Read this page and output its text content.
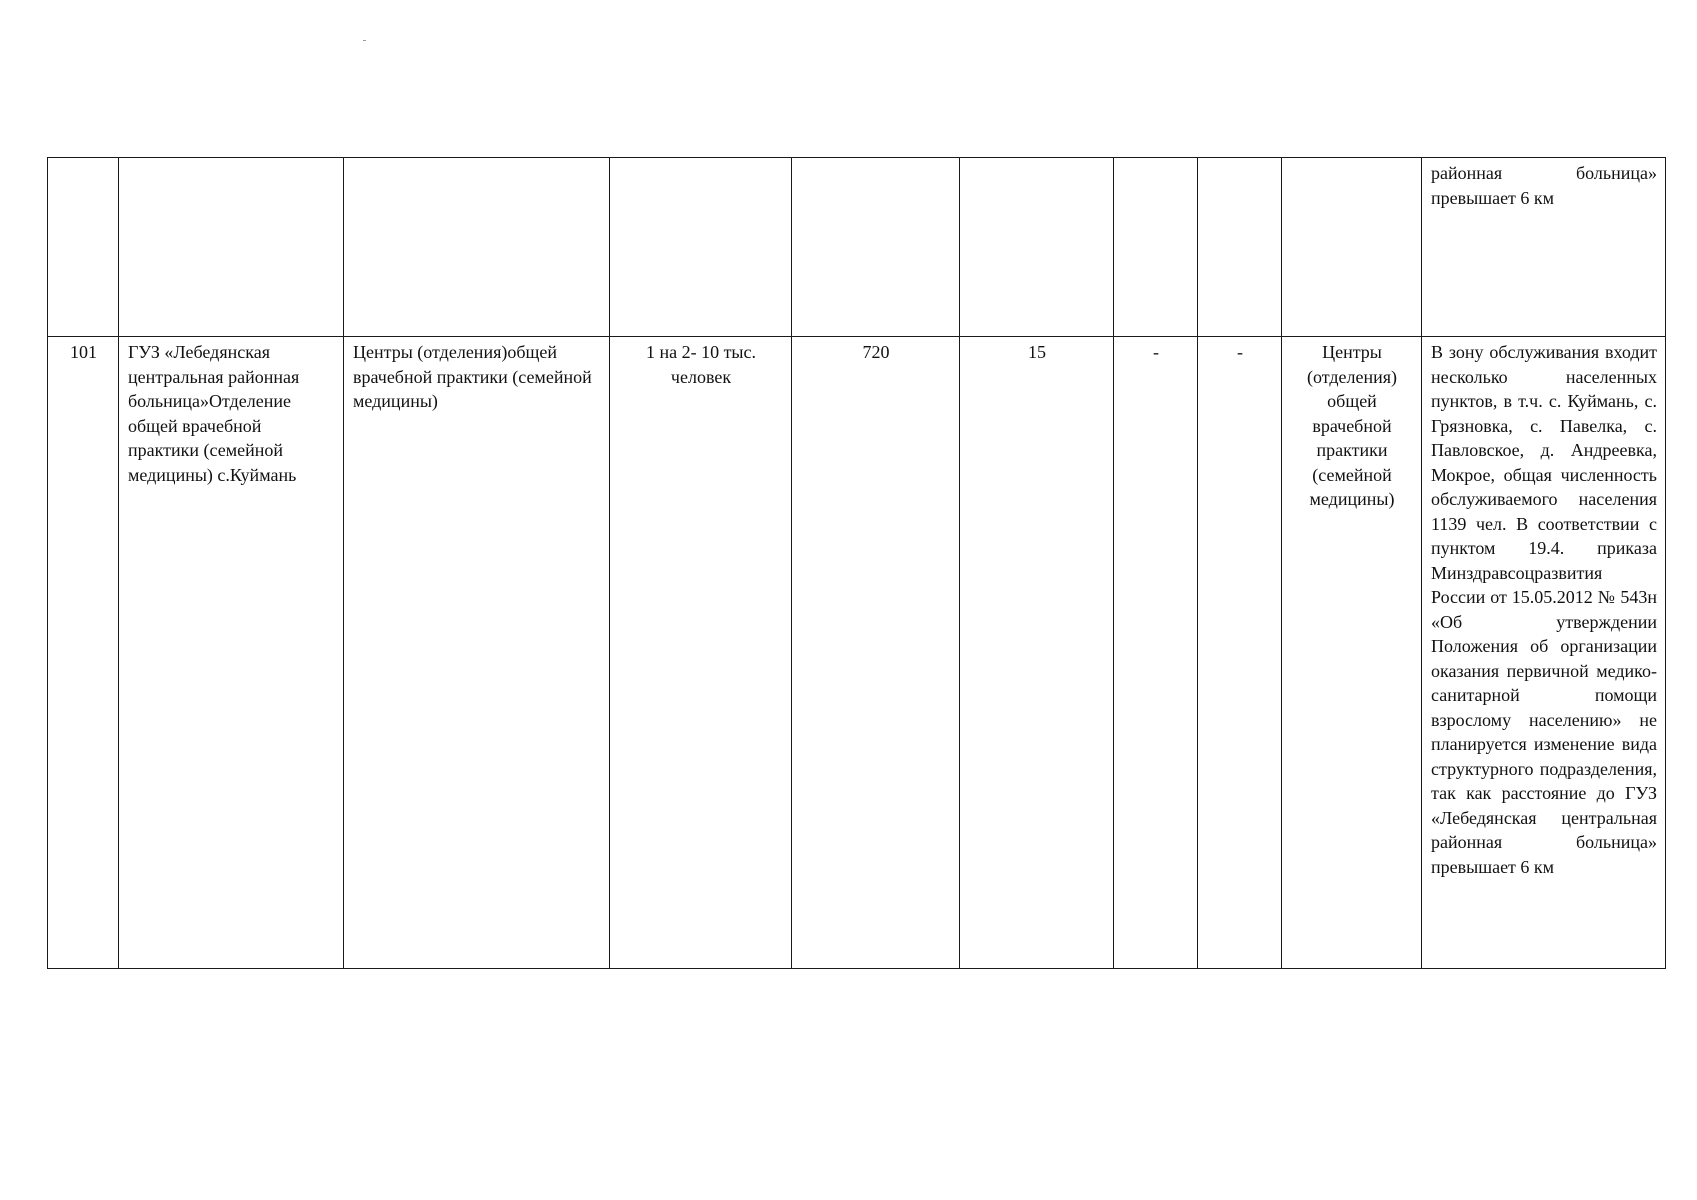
									районная больница» превышает 6 км
101	ГУЗ «Лебедянская центральная районная больница»Отделение общей врачебной практики (семейной медицины) с.Куймань	Центры (отделения)общей врачебной практики (семейной медицины)	1 на 2- 10 тыс. человек	720	15	-	-	Центры (отделения) общей врачебной практики (семейной медицины)	В зону обслуживания входит несколько населенных пунктов, в т.ч. с. Куймань, с. Грязновка, с. Павелка, с. Павловское, д. Андреевка, Мокрое, общая численность обслуживаемого населения 1139 чел. В соответствии с пунктом 19.4. приказа Минздравсоцразвития России от 15.05.2012 № 543н «Об утверждении Положения об организации оказания первичной медико-санитарной помощи взрослому населению» не планируется изменение вида структурного подразделения, так как расстояние до ГУЗ «Лебедянская центральная районная больница» превышает 6 км
